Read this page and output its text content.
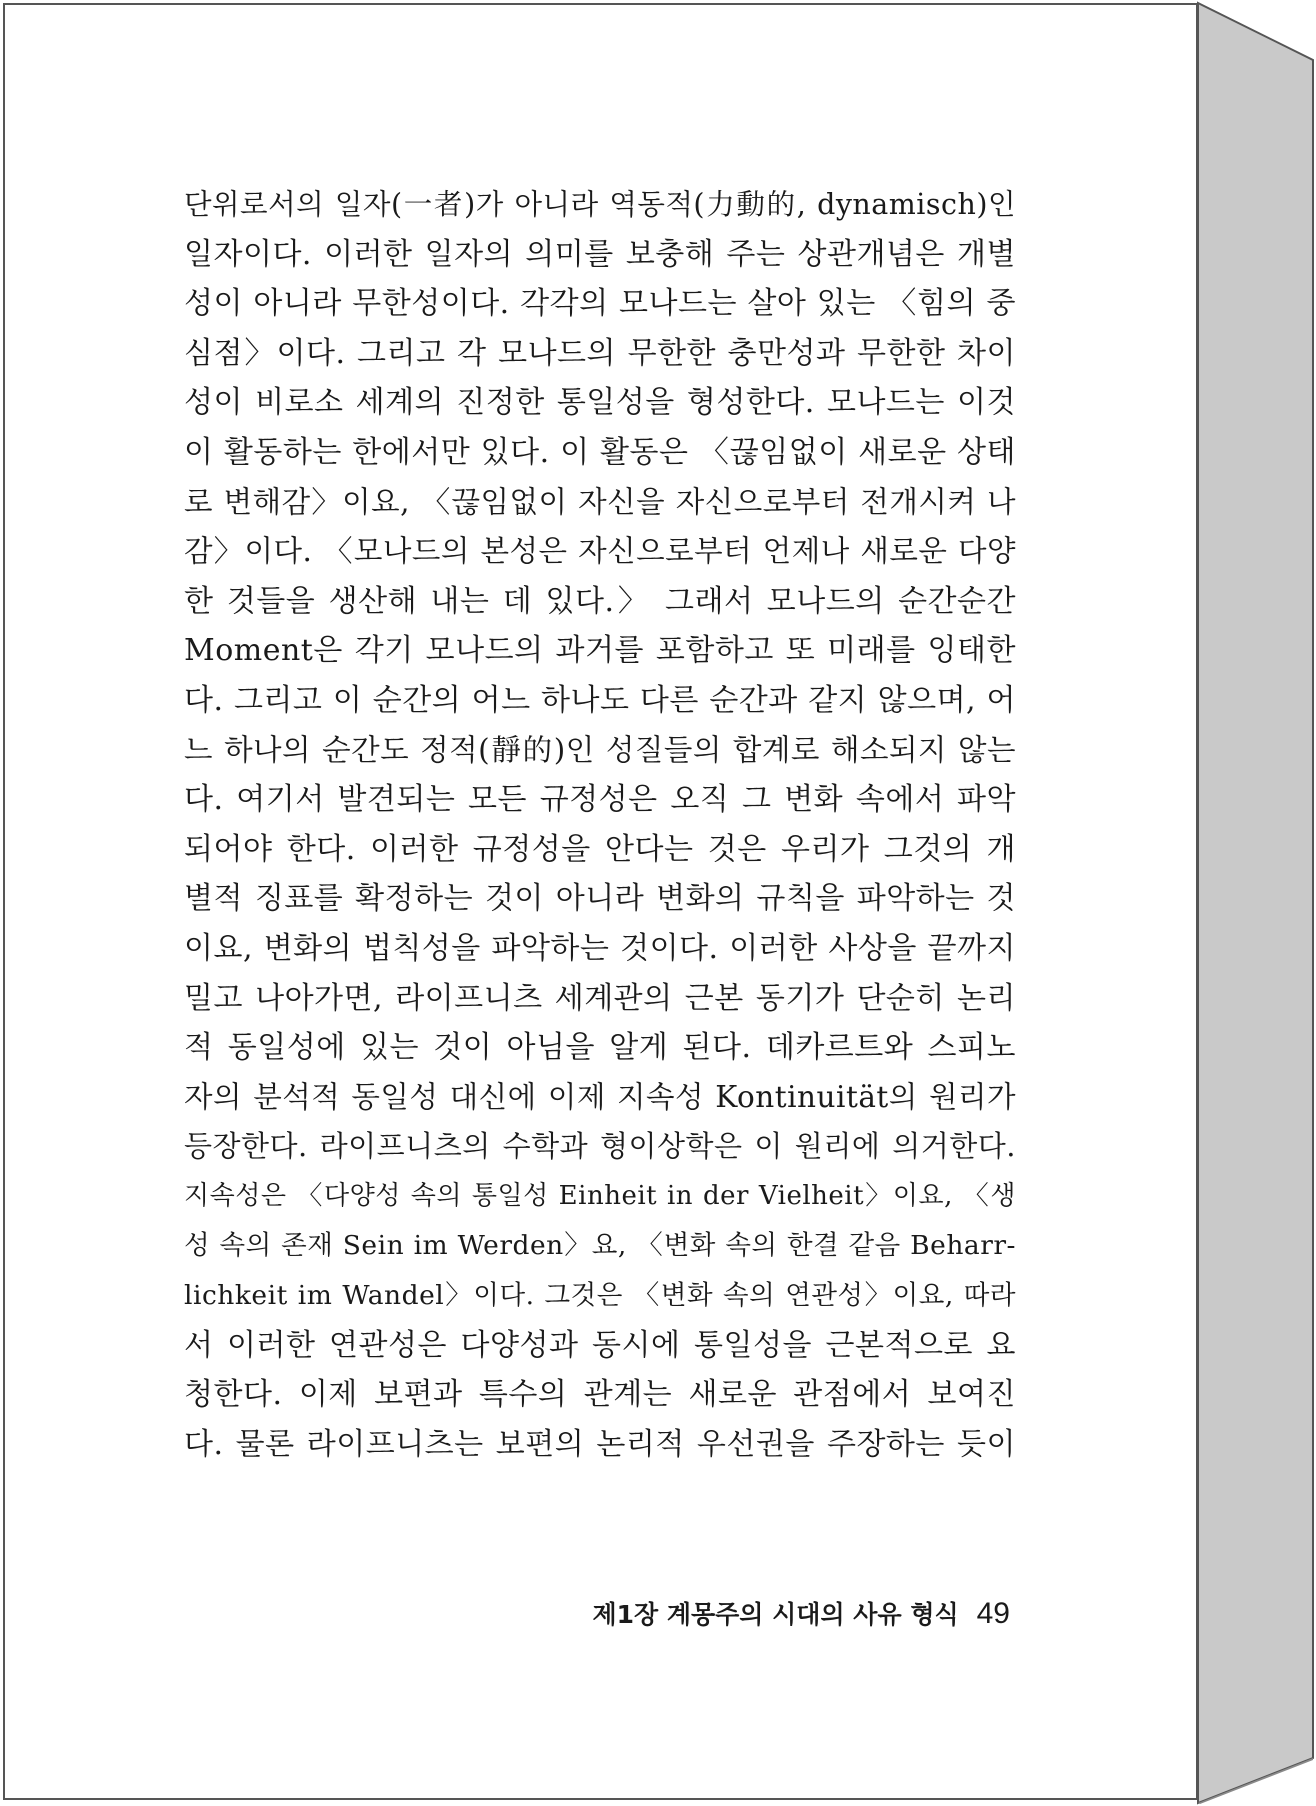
단위로서의 일자(一者)가 아니라 역동적(力動的, dynamisch)인
일자이다. 이러한 일자의 의미를 보충해 주는 상관개념은 개별
성이 아니라 무한성이다. 각각의 모나드는 살아 있는 〈힘의 중
심점〉이다. 그리고 각 모나드의 무한한 충만성과 무한한 차이
성이 비로소 세계의 진정한 통일성을 형성한다. 모나드는 이것
이 활동하는 한에서만 있다. 이 활동은 〈끊임없이 새로운 상태
로 변해감〉이요, 〈끊임없이 자신을 자신으로부터 전개시켜 나
감〉이다. 〈모나드의 본성은 자신으로부터 언제나 새로운 다양
한 것들을 생산해 내는 데 있다.〉 그래서 모나드의 순간순간
Moment은 각기 모나드의 과거를 포함하고 또 미래를 잉태한
다. 그리고 이 순간의 어느 하나도 다른 순간과 같지 않으며, 어
느 하나의 순간도 정적(靜的)인 성질들의 합계로 해소되지 않는
다. 여기서 발견되는 모든 규정성은 오직 그 변화 속에서 파악
되어야 한다. 이러한 규정성을 안다는 것은 우리가 그것의 개
별적 징표를 확정하는 것이 아니라 변화의 규칙을 파악하는 것
이요, 변화의 법칙성을 파악하는 것이다. 이러한 사상을 끝까지
밀고 나아가면, 라이프니츠 세계관의 근본 동기가 단순히 논리
적 동일성에 있는 것이 아님을 알게 된다. 데카르트와 스피노
자의 분석적 동일성 대신에 이제 지속성 Kontinuität의 원리가
등장한다. 라이프니츠의 수학과 형이상학은 이 원리에 의거한다.
지속성은 〈다양성 속의 통일성 Einheit in der Vielheit〉이요, 〈생
성 속의 존재 Sein im Werden〉요, 〈변화 속의 한결 같음 Beharr-
lichkeit im Wandel〉이다. 그것은 〈변화 속의 연관성〉이요, 따라
서 이러한 연관성은 다양성과 동시에 통일성을 근본적으로 요
청한다. 이제 보편과 특수의 관계는 새로운 관점에서 보여진
다. 물론 라이프니츠는 보편의 논리적 우선권을 주장하는 듯이
제1장 계몽주의 시대의 사유 형식 49
